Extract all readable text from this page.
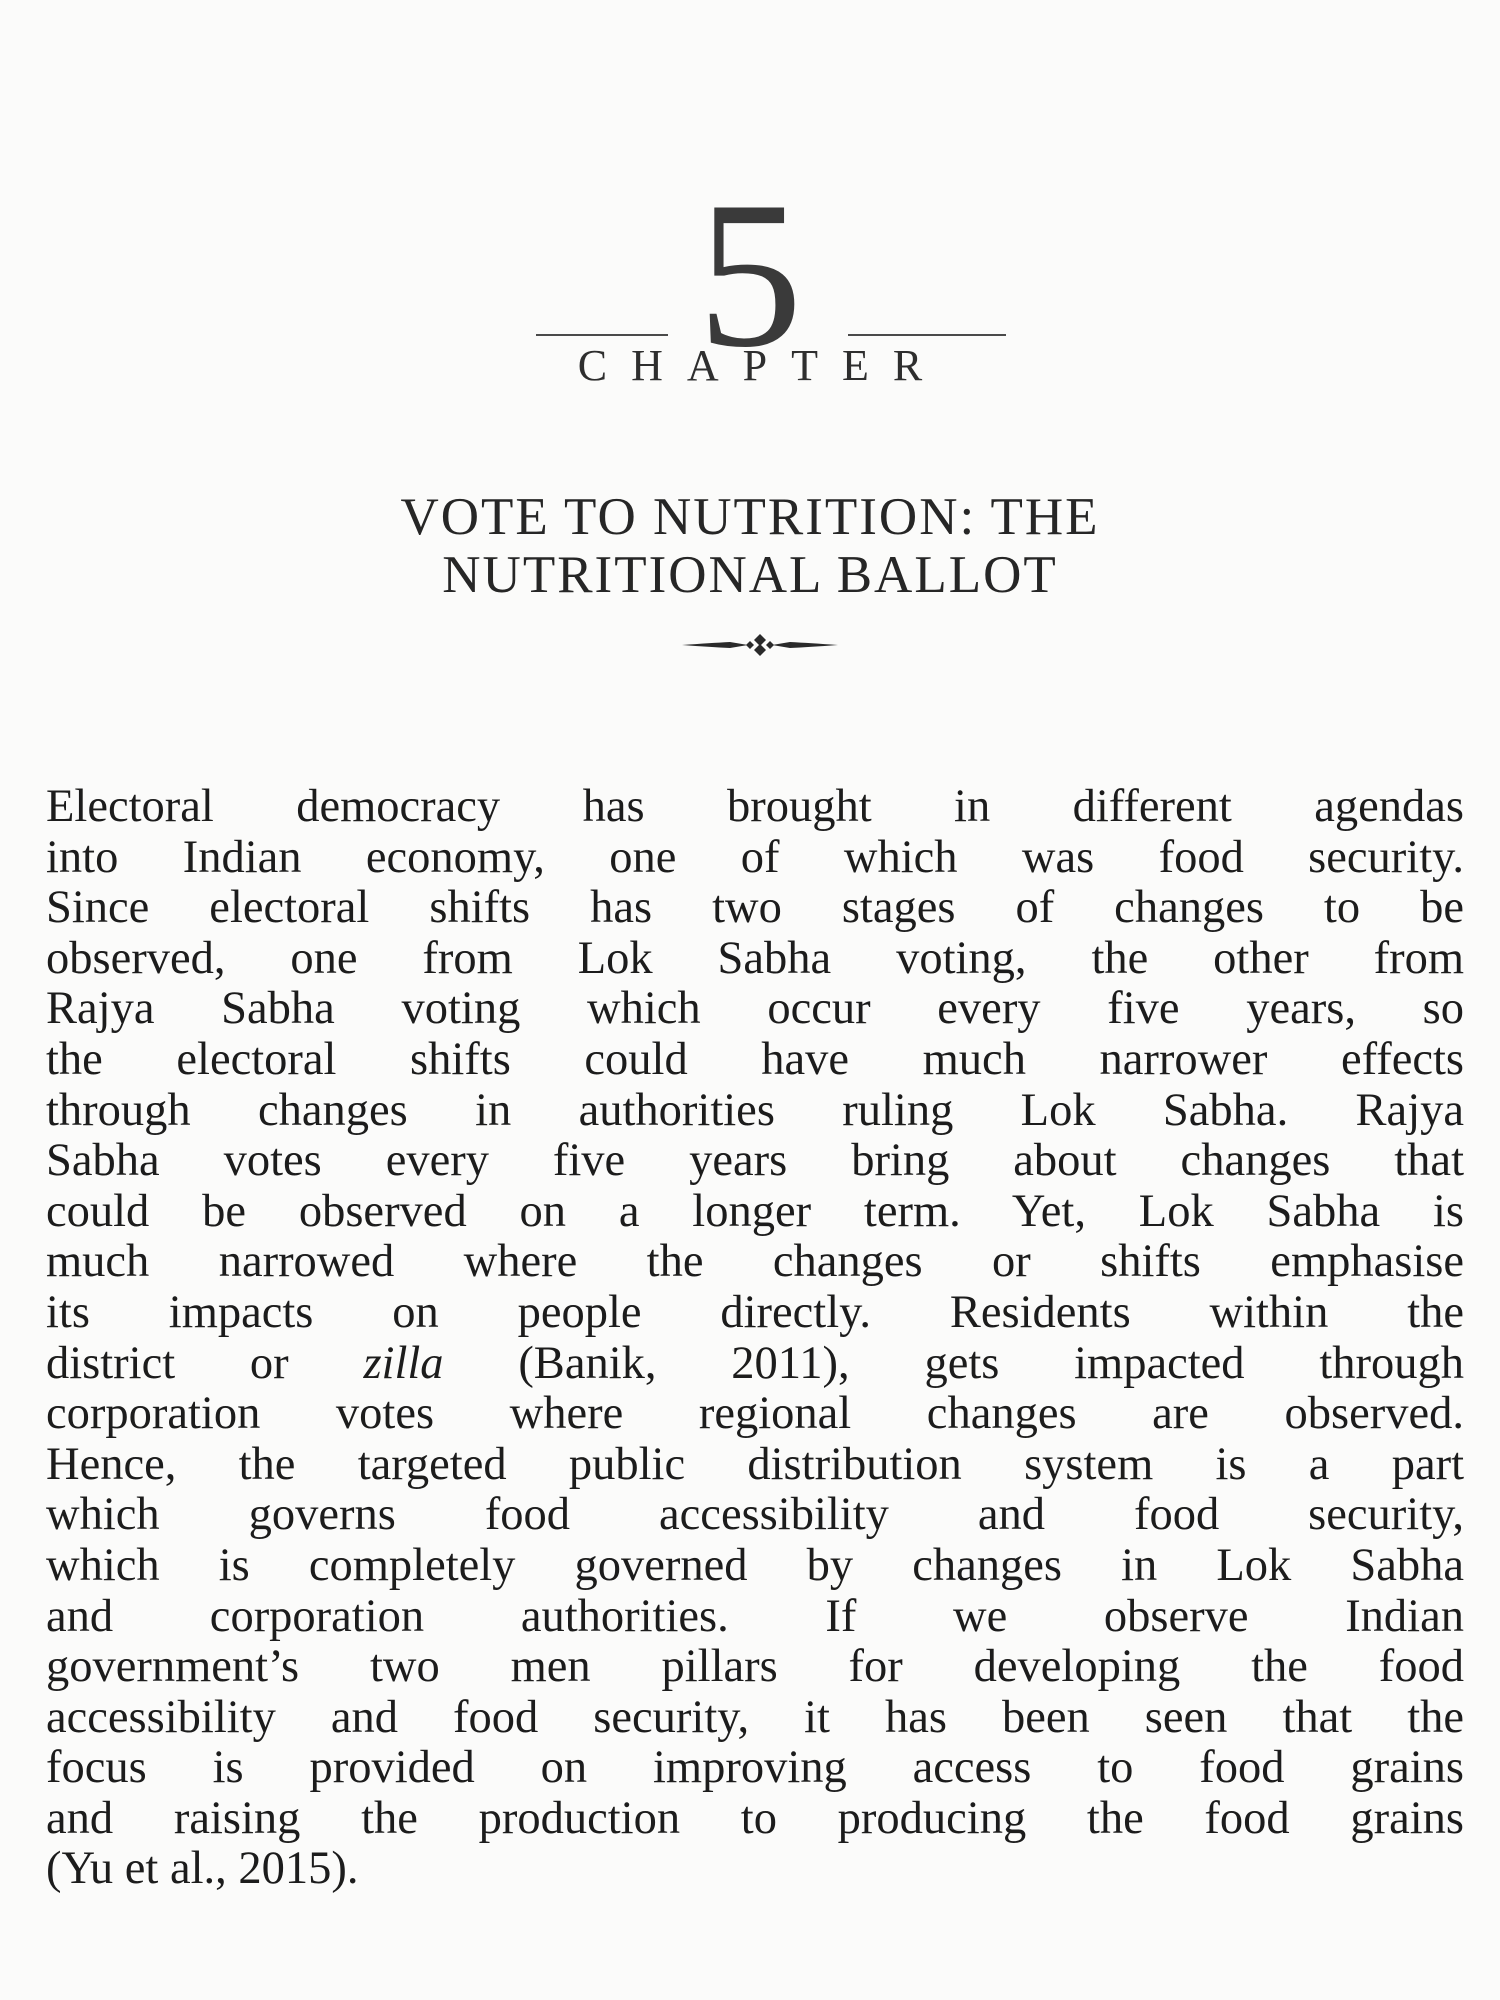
5
CHAPTER
VOTE TO NUTRITION: THE
NUTRITIONAL BALLOT
Electoral democracy has brought in different agendas
into Indian economy, one of which was food security.
Since electoral shifts has two stages of changes to be
observed, one from Lok Sabha voting, the other from
Rajya Sabha voting which occur every five years, so
the electoral shifts could have much narrower effects
through changes in authorities ruling Lok Sabha. Rajya
Sabha votes every five years bring about changes that
could be observed on a longer term. Yet, Lok Sabha is
much narrowed where the changes or shifts emphasise
its impacts on people directly. Residents within the
district or zilla (Banik, 2011), gets impacted through
corporation votes where regional changes are observed.
Hence, the targeted public distribution system is a part
which governs food accessibility and food security,
which is completely governed by changes in Lok Sabha
and corporation authorities. If we observe Indian
government’s two men pillars for developing the food
accessibility and food security, it has been seen that the
focus is provided on improving access to food grains
and raising the production to producing the food grains
(Yu et al., 2015).
